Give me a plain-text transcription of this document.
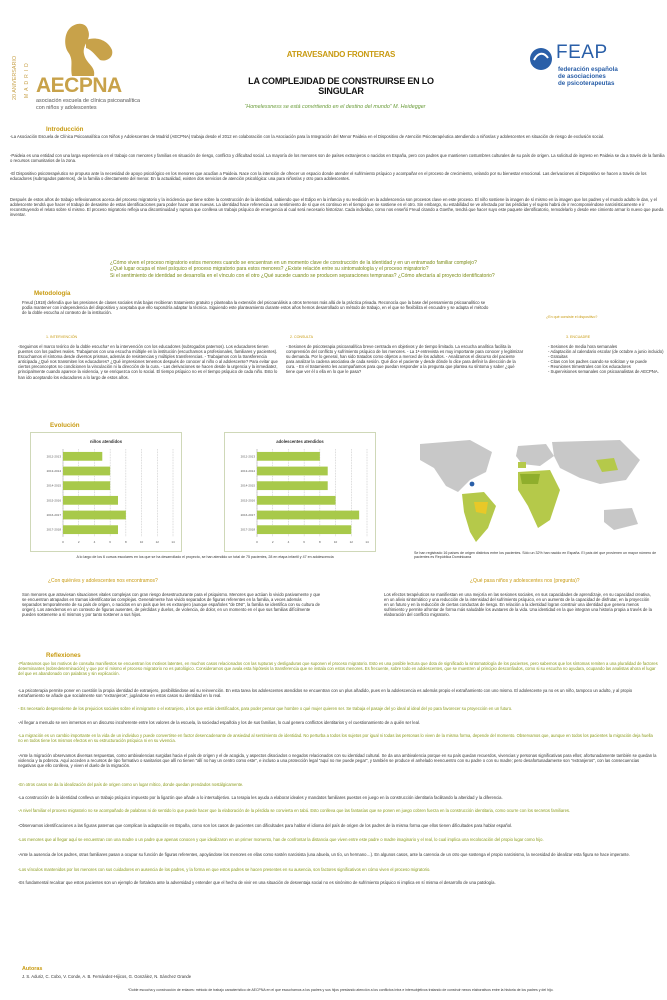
20 ANIVERSARIO MADRID AECPNA
asociación escuela de clínica psicoanalítica
con niños y adolescentes
ATRAVESANDO FRONTERAS
LA COMPLEJIDAD DE CONSTRUIRSE EN LO SINGULAR
“Homelessness se está convirtiendo en el destino del mundo” M. Heidegger
FEAP
federación española
de asociaciones
de psicoterapeutas
Introducción
-La Asociación Escuela de Clínica Psicoanalítica con Niños y Adolescentes de Madrid (AECPNA) trabaja desde el 2012 en colaboración con la Asociación para la Integración del Menor Paideia en el Dispositivo de Atención Psicoterapéutica atendiendo a niños/as y adolescentes en situación de riesgo de exclusión social.
-Paideia es una entidad con una larga experiencia en el trabajo con menores y familias en situación de riesgo, conflicto y dificultad social. La mayoría de los menores son de países extranjeros o nacidos en España, pero con padres que mantienen costumbres culturales de su país de origen. La solicitud de ingreso en Paideia se da a través de la familia o recursos comunitarios de la zona.
-El Dispositivo psicoterapéutico se propuso ante la necesidad de apoyo psicológico en los menores que acudían a Paideia. Nace con la intención de ofrecer un espacio donde atender el sufrimiento psíquico y acompañar en el proceso de crecimiento, velando por su bienestar emocional. Las derivaciones al Dispositivo se hacen a través de los educadores (subrogados paternos), de la familia o directamente del menor. En la actualidad, existen dos servicios de atención psicológica: una para niños/as y otro para adolescentes.
Después de estos años de trabajo reflexionamos acerca del proceso migratorio y la incidencia que tiene sobre la construcción de la identidad, sabiendo que el Edipo en la infancia y su reedición en la adolescencia son procesos clave en este proceso. El niño sostiene la imagen de sí mismo en la imagen que los padres y el mundo adulto le dan, y el adolescente tendrá que hacer el trabajo de desasirse de estas identificaciones para poder hacer otras nuevas. La identidad hace referencia a un sentimiento de sí que es continuo en el tiempo que se sostiene en el otro. Sin embargo, su estabilidad se ve afectada por las pérdidas y el sujeto habrá de ir recomponiéndose narcisísticamente e ir reconstruyendo el relato sobre sí mismo. El proceso migratorio refleja una discontinuidad y ruptura que conlleva un trabajo psíquico de emergencia al cual será necesario historizar. Cada individuo, como nos enseñó Freud citando a Goethe, tendrá que hacer suyo este paquete identificatorio, remodelarlo y desde ese cimiento armar lo nuevo que pueda inventar.
¿Cómo viven el proceso migratorio estos menores cuando se encuentran en un momento clave de construcción de la identidad y en un entramado familiar complejo?
¿Qué lugar ocupa el nivel psíquico el proceso migratorio para estos menores? ¿Existe relación entre su sintomatología y el proceso migratorio?
Si el sentimiento de identidad se desarrolla en el vínculo con el otro ¿Qué sucede cuando se producen separaciones tempranas? ¿Cómo afectaría al proyecto identificatorio?
Metodología
Freud (1918) defendía que las presiones de clases sociales más bajas recibieran tratamiento gratuito y planteaba la extensión del psicoanálisis a otros terrenos más allá de la práctica privada. Reconocía que la base del pensamiento psicoanalítico se podía mantener con independencia del dispositivo y aceptaba que ello supondría adaptar la técnica. Siguiendo este planteamiento durante estos años hemos desarrollado un método de trabajo, en el que se flexibiliza el encuadre y se adapta el método de la doble escucha al contexto de la institución.
¿En qué consiste el dispositivo?
1. INTERVENCIÓN	2. CONSULTA	3. ENCUADRE
-Seguimos el marco teórico de la doble escucha* en la intervención con los educadores (subrogados paternos). Los educadores tienen puentes con los padres reales. Trabajamos con una escucha múltiple en la institución (escuchamos a profesionales, familiares y pacientes). Escuchamos el síntoma desde diversos prismas, además de resistencias y múltiples transferencias. - Trabajamos con la transferencia anticipada ¿Qué nos transmiten los educadores? ¿Qué impresiones tenemos después de conocer al niño o al adolescente? Para evitar que ciertos preconceptos no condicionen la vinculación ni la dirección de la cura. - Las derivaciones se hacen desde la urgencia y la inmediatez, principalmente cuando aparece la violencia, y se enriquezca con lo social. El tiempo psíquico no es el tiempo psíquico de cada niño. Esto lo han ido aceptando los educadores a lo largo de estos años.
- Sesiones de psicoterapia psicoanalítica breve centrada en objetivos y de tiempo limitado. La escucha analítica facilita la comprensión del conflicto y sufrimiento psíquico de los menores. - La 1ª entrevista es muy importante para conocer y legitimizar su demanda. Por lo general, han sido tratados como objetos a merced de los adultos. - Analizamos el discurso del paciente para analizar la cadena asociativa de cada sesión. Qué dice el paciente y desde dónde lo dice para definir la dirección de la cura. - En el tratamiento les acompañamos para que puedan responder a la pregunta que plantea su síntoma y saber ¿qué tiene que ver él o ella en lo que le pasa?
- Sesiones de media hora semanales
- Adaptación al calendario escolar (de octubre a junio incluido)
- Gratuitas
- Citas con los padres cuando se solicitan y se puede
- Reuniones trimestrales con los educadores
- Supervisiones semanales con psicoanalistas de AECPNA.
Evolución
niños atendidos
0	2	4	6	8	10	12	14
2012-2013
2013-2014
2014-2015
2015-2016
2016-2017
2017-2018
adolescentes atendidos
0	2	4	6	8	10	12	14
2012-2013
2013-2014
2014-2015
2015-2016
2016-2017
2017-2018
A lo largo de los 6 cursos escolares en los que se ha desarrollado el proyecto, se han atendido un total de 75 pacientes, 28 en etapa infantil y 47 en adolescencia
Se han registrado 16 países de origen distintos entre los pacientes. Sólo un 32% han nacido en España. El país del que provienen un mayor número de pacientes es República Dominicana
¿Con quién/es y adolescentes nos encontramos?
Son menores que atraviesan situaciones vitales complejas con gran riesgo desestructurante para el psiquismo. Menores que actúan lo vivido pasivamente y que se encuentran atrapados en tramas identificatorias complejas. Generalmente han vivido separados de figuras referentes en la familia, a veces además separados temporalmente de su país de origen, o nacidos en un país que les es extranjero (aunque españoles "de DNI", la familia se identifica con su cultura de origen). Los atendemos en un contexto de figuras ausentes, de pérdidas y duelos, de violencia, de dolor, en un momento en el que sus familias difícilmente pueden sostenerse a sí mismos y por tanto sostener a sus hijos.
¿Qué pasa niños y adolescentes nos (pregunta)?
Los efectos terapéuticos se manifiestan en una mejoría en las sesiones sociales, en sus capacidades de aprendizaje, en su capacidad creativa, en un alivio sintomático y una reducción de la intensidad del sufrimiento psíquico, en un aumento de la capacidad de disfrutar, en la proyección en un futuro y en la reducción de ciertas conductas de riesgo. En relación a la identidad logran construir una identidad que genera menos sufrimiento y permite afrontar de forma más saludable los avatares de la vida. Una identidad en la que integran una historia propia a través de la elaboración del conflicto migratorio.
Reflexiones
-Planteamos que los motivos de consulta manifiestos se encuentran los motivos latentes, en muchos casos relacionados con las rupturas y desligaduras que suponen el proceso migratorio. Esto es una posible lectura que dota de significado la sintomatología de los pacientes, pero sabemos que los síntomas remiten a una pluralidad de factores determinantes (sobredeterminación) y que por sí mismo el proceso migratorio no es patológico. Consideramos que avala esta hipótesis la transferencia que se instala con estos menores. Es frecuente, sobre todo en adolescentes, que se muestren al principio desconfiados, como si su escucha no ayudara, ocupando las analistas ahora el lugar del que es abandonado con palabras y sin explicación.
-La psicoterapia permite poner en cuestión la propia identidad de extranjero, posibilitándose así su reinvención. En esta tarea los adolescentes atendidos se encuentran con un plus añadido, pues en la adolescencia es además propio el extrañamiento con uno mismo. El adolescente ya no es un niño, tampoco un adulto, y al propio extrañamiento se añade que socialmente son "extranjeros", jugándose en estos casos su identidad en lo real.
- Es necesario desprenderse de los prejuicios sociales sobre el inmigrante o el extranjero, a los que están identificados, para poder pensar que hombre o qué mujer quieren ser. Se trabaja el pasaje del yo ideal al ideal del yo para favorecer su proyección en un futuro.
-Al llegar a menudo se ven inmersos en un discurso incoherente entre los valores de la escuela, la sociedad española y los de sus familias, lo cual genera conflictos identitarios y el cuestionamiento de a quién ser leal.
-La migración es un cambio importante en la vida de un individuo y puede convertirse en factor desencadenante de ansiedad al sentimiento de identidad. No perturba a todos los sujetos por igual ni todas las personas lo viven de la misma forma, depende del momento. Observamos que, aunque en todos los pacientes la migración deja huella no en todos tiene los mismos efectos en su estructuración psíquica ni en su vivencia.
-Ante la migración observamos diversas respuestas, como ambivalencias surgidas hacia el país de origen y el de acogida, y aspectos disociados o negados relacionados con su identidad cultural. Se da una ambivalencia porque en su país quedan recuerdos, vivencias y personas significativas para ellos; afortunadamente también se quedan la violencia y la pobreza. Aquí acceden a recursos de tipo formativo o sanitarios que allí no tienen "allí no hay un centro como este", e incluso a una protección legal "aquí no me puede pegar", y también se produce el anhelado reencuentro con su padre o con su madre; pero desafortunadamente son "extranjeros", con las consecuencias negativas que ello conlleva, y viven el duelo de la migración.
-En otros casos se da la idealización del país de origen como un lugar mítico, donde quedan prendados nostálgicamente.
-La construcción de la identidad conlleva un trabajo psíquico impuesto por la ligazón que añade a lo intersubjetivo. La terapia les ayuda a elaborar ideales y mandatos familiares puestos en juego en la construcción identitaria facilitando la alteridad y la diferencia.
-A nivel familiar el proceso migratorio no se acompañado de palabras ni de sentido lo que puede hacer que la elaboración de la pérdida se convierta en tabú. Esto conlleva que las fantasías que se ponen en juego cobren fuerza en la construcción identitaria, como ocurre con los secretos familiares.
-Observamos identificaciones a las figuras paternas que complican la adaptación en España, como son los casos de pacientes con dificultades para hablar el idioma del país de origen de los padres de la misma forma que ellos tienen dificultades para hablar español.
-Los menores que al llegar aquí se encuentran con una madre o un padre que apenas conocen y que idealizaron en un primer momento, han de confrontar la distancia que viven entre este padre o madre imaginario y el real, lo cual implica una recolocación del propio lugar como hijo.
-Ante la ausencia de los padres, otras familiares pasan a ocupar su función de figuras referentes, apoyándose los menores en ellas como sostén narcisista (una abuela, un tío, un hermano…). En algunos casos, ante la carencia de un otro que sostenga el propio narcisismo, la necesidad de idealizar esta figura se hace imperante.
-Los vínculos mantenidos por los menores con sus cuidadores en ausencia de los padres, y la forma en que estos padres se hacen presentes en su ausencia, son factores significativos en cómo viven el proceso migratorio.
-Es fundamental recalcar que estos pacientes son un ejemplo de fortaleza ante la adversidad y entender que el hecho de vivir en una situación de desventaja social no es sinónimo de sufrimiento psíquico ni implica en sí misma el desarrollo de una patología.
Autoras
J. S. Aduriz, C. Cobo, V. Conde, A. B. Fernández-Hijicos, G. González, N. Sánchez Grande
*Doble escucha y construcción de enlaces: método de trabajo característico de AECPNA en el que escuchamos a los padres y sus hijos prestando atención a los conflictos intra e intersubjetivos tratando de construir nexos elaborativos entre la historia de los padres y del hijo.
